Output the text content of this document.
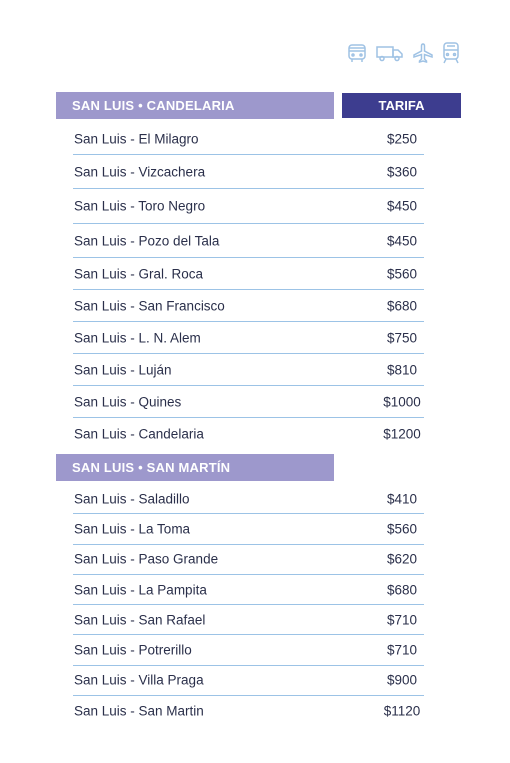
SAN LUIS • CANDELARIA	TARIFA
San Luis - El Milagro	$250
San Luis - Vizcachera	$360
San Luis - Toro Negro	$450
San Luis - Pozo del Tala	$450
San Luis - Gral. Roca	$560
San Luis - San Francisco	$680
San Luis - L. N. Alem	$750
San Luis - Luján	$810
San Luis - Quines	$1000
San Luis - Candelaria	$1200
SAN LUIS • SAN MARTÍN
San Luis - Saladillo	$410
San Luis - La Toma	$560
San Luis - Paso Grande	$620
San Luis - La Pampita	$680
San Luis - San Rafael	$710
San Luis - Potrerillo	$710
San Luis - Villa Praga	$900
San Luis - San Martin	$1120
